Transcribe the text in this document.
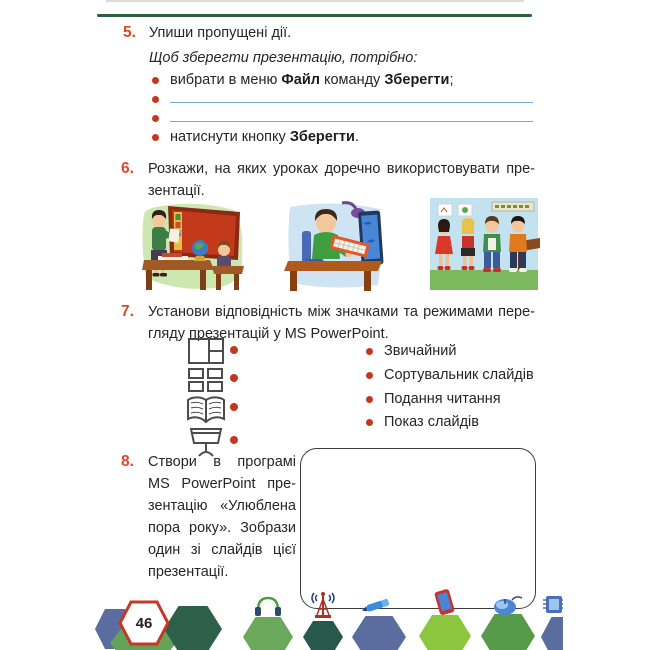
5. Упиши пропущені дії.
Щоб зберегти презентацію, потрібно:
вибрати в меню Файл команду Зберегти;
натиснути кнопку Зберегти.
6. Розкажи, на яких уроках доречно використовувати пре-
зентації.
7. Установи відповідність між значками та режимами пере-
гляду презентацій у MS PowerPoint.
Звичайний
Сортувальник слайдів
Подання читання
Показ слайдів
8. Створи в програмі
MS PowerPoint пре-
зентацію «Улюблена
пора року». Зобрази
один зі слайдів цієї
презентації.
46
